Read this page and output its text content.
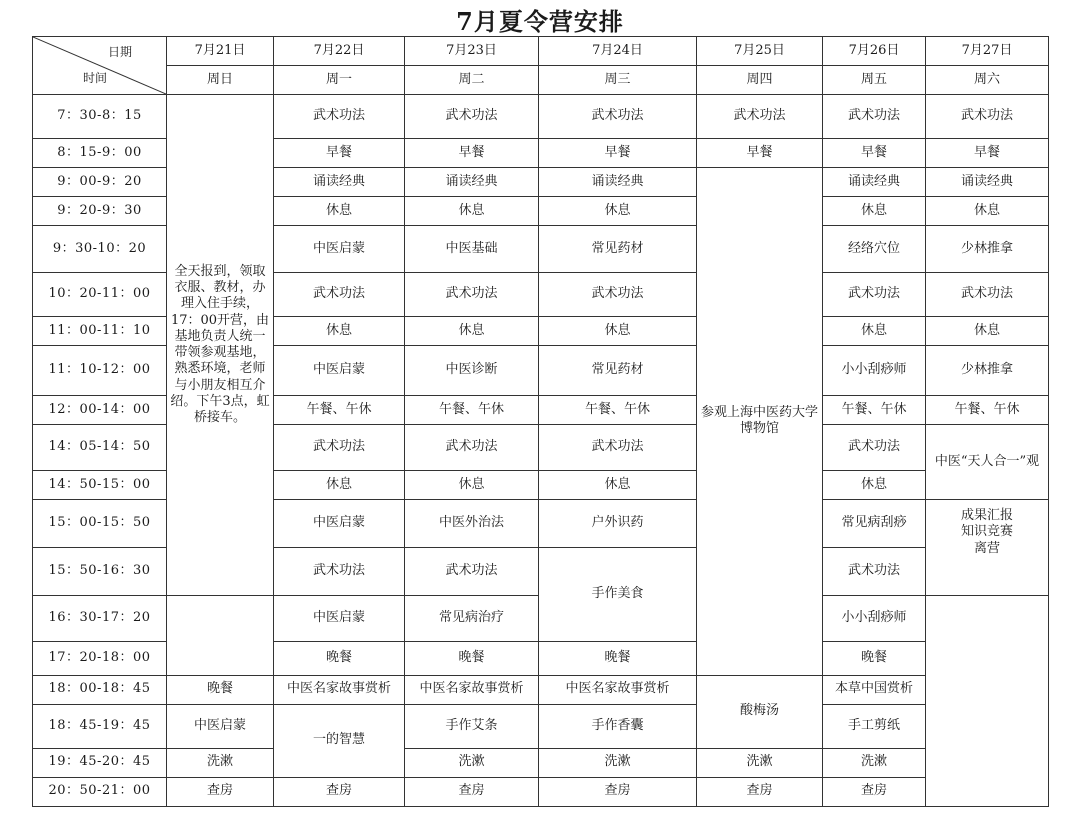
7月夏令营安排
日期
时间	7月21日	7月22日	7月23日	7月24日	7月25日	7月26日	7月27日	
	周日	周一	周二	周三	周四	周五	周六	
7：30-8：15	全天报到，领取衣服、教材，办理入住手续，17：00开营，由基地负责人统一带领参观基地，熟悉环境，老师与小朋友相互介绍。下午3点，虹桥接车。	武术功法	武术功法	武术功法	武术功法	武术功法	武术功法	
8：15-9：00		早餐	早餐	早餐	早餐	早餐	早餐	
9：00-9：20		诵读经典	诵读经典	诵读经典	参观上海中医药大学博物馆	诵读经典	诵读经典	
9：20-9：30		休息	休息	休息		休息	休息	
9：30-10：20		中医启蒙	中医基础	常见药材		经络穴位	少林推拿	
10：20-11：00		武术功法	武术功法	武术功法		武术功法	武术功法	
11：00-11：10		休息	休息	休息		休息	休息	
11：10-12：00		中医启蒙	中医诊断	常见药材		小小刮痧师	少林推拿	
12：00-14：00		午餐、午休	午餐、午休	午餐、午休		午餐、午休	午餐、午休	
14：05-14：50		武术功法	武术功法	武术功法		武术功法	中医“天人合一”观	
14：50-15：00		休息	休息	休息		休息		
15：00-15：50		中医启蒙	中医外治法	户外识药		常见病刮痧	成果汇报
知识竞赛
离营	
15：50-16：30		武术功法	武术功法	手作美食		武术功法		
16：30-17：20		中医启蒙	常见病治疗			小小刮痧师		
17：20-18：00		晚餐	晚餐	晚餐		晚餐	
18：00-18：45	晚餐	中医名家故事赏析	中医名家故事赏析	中医名家故事赏析	酸梅汤	本草中国赏析		
18：45-19：45	中医启蒙	一的智慧	手作艾条	手作香囊		手工剪纸		
19：45-20：45	洗漱		洗漱	洗漱	洗漱	洗漱		
20：50-21：00	查房	查房	查房	查房	查房	查房		
